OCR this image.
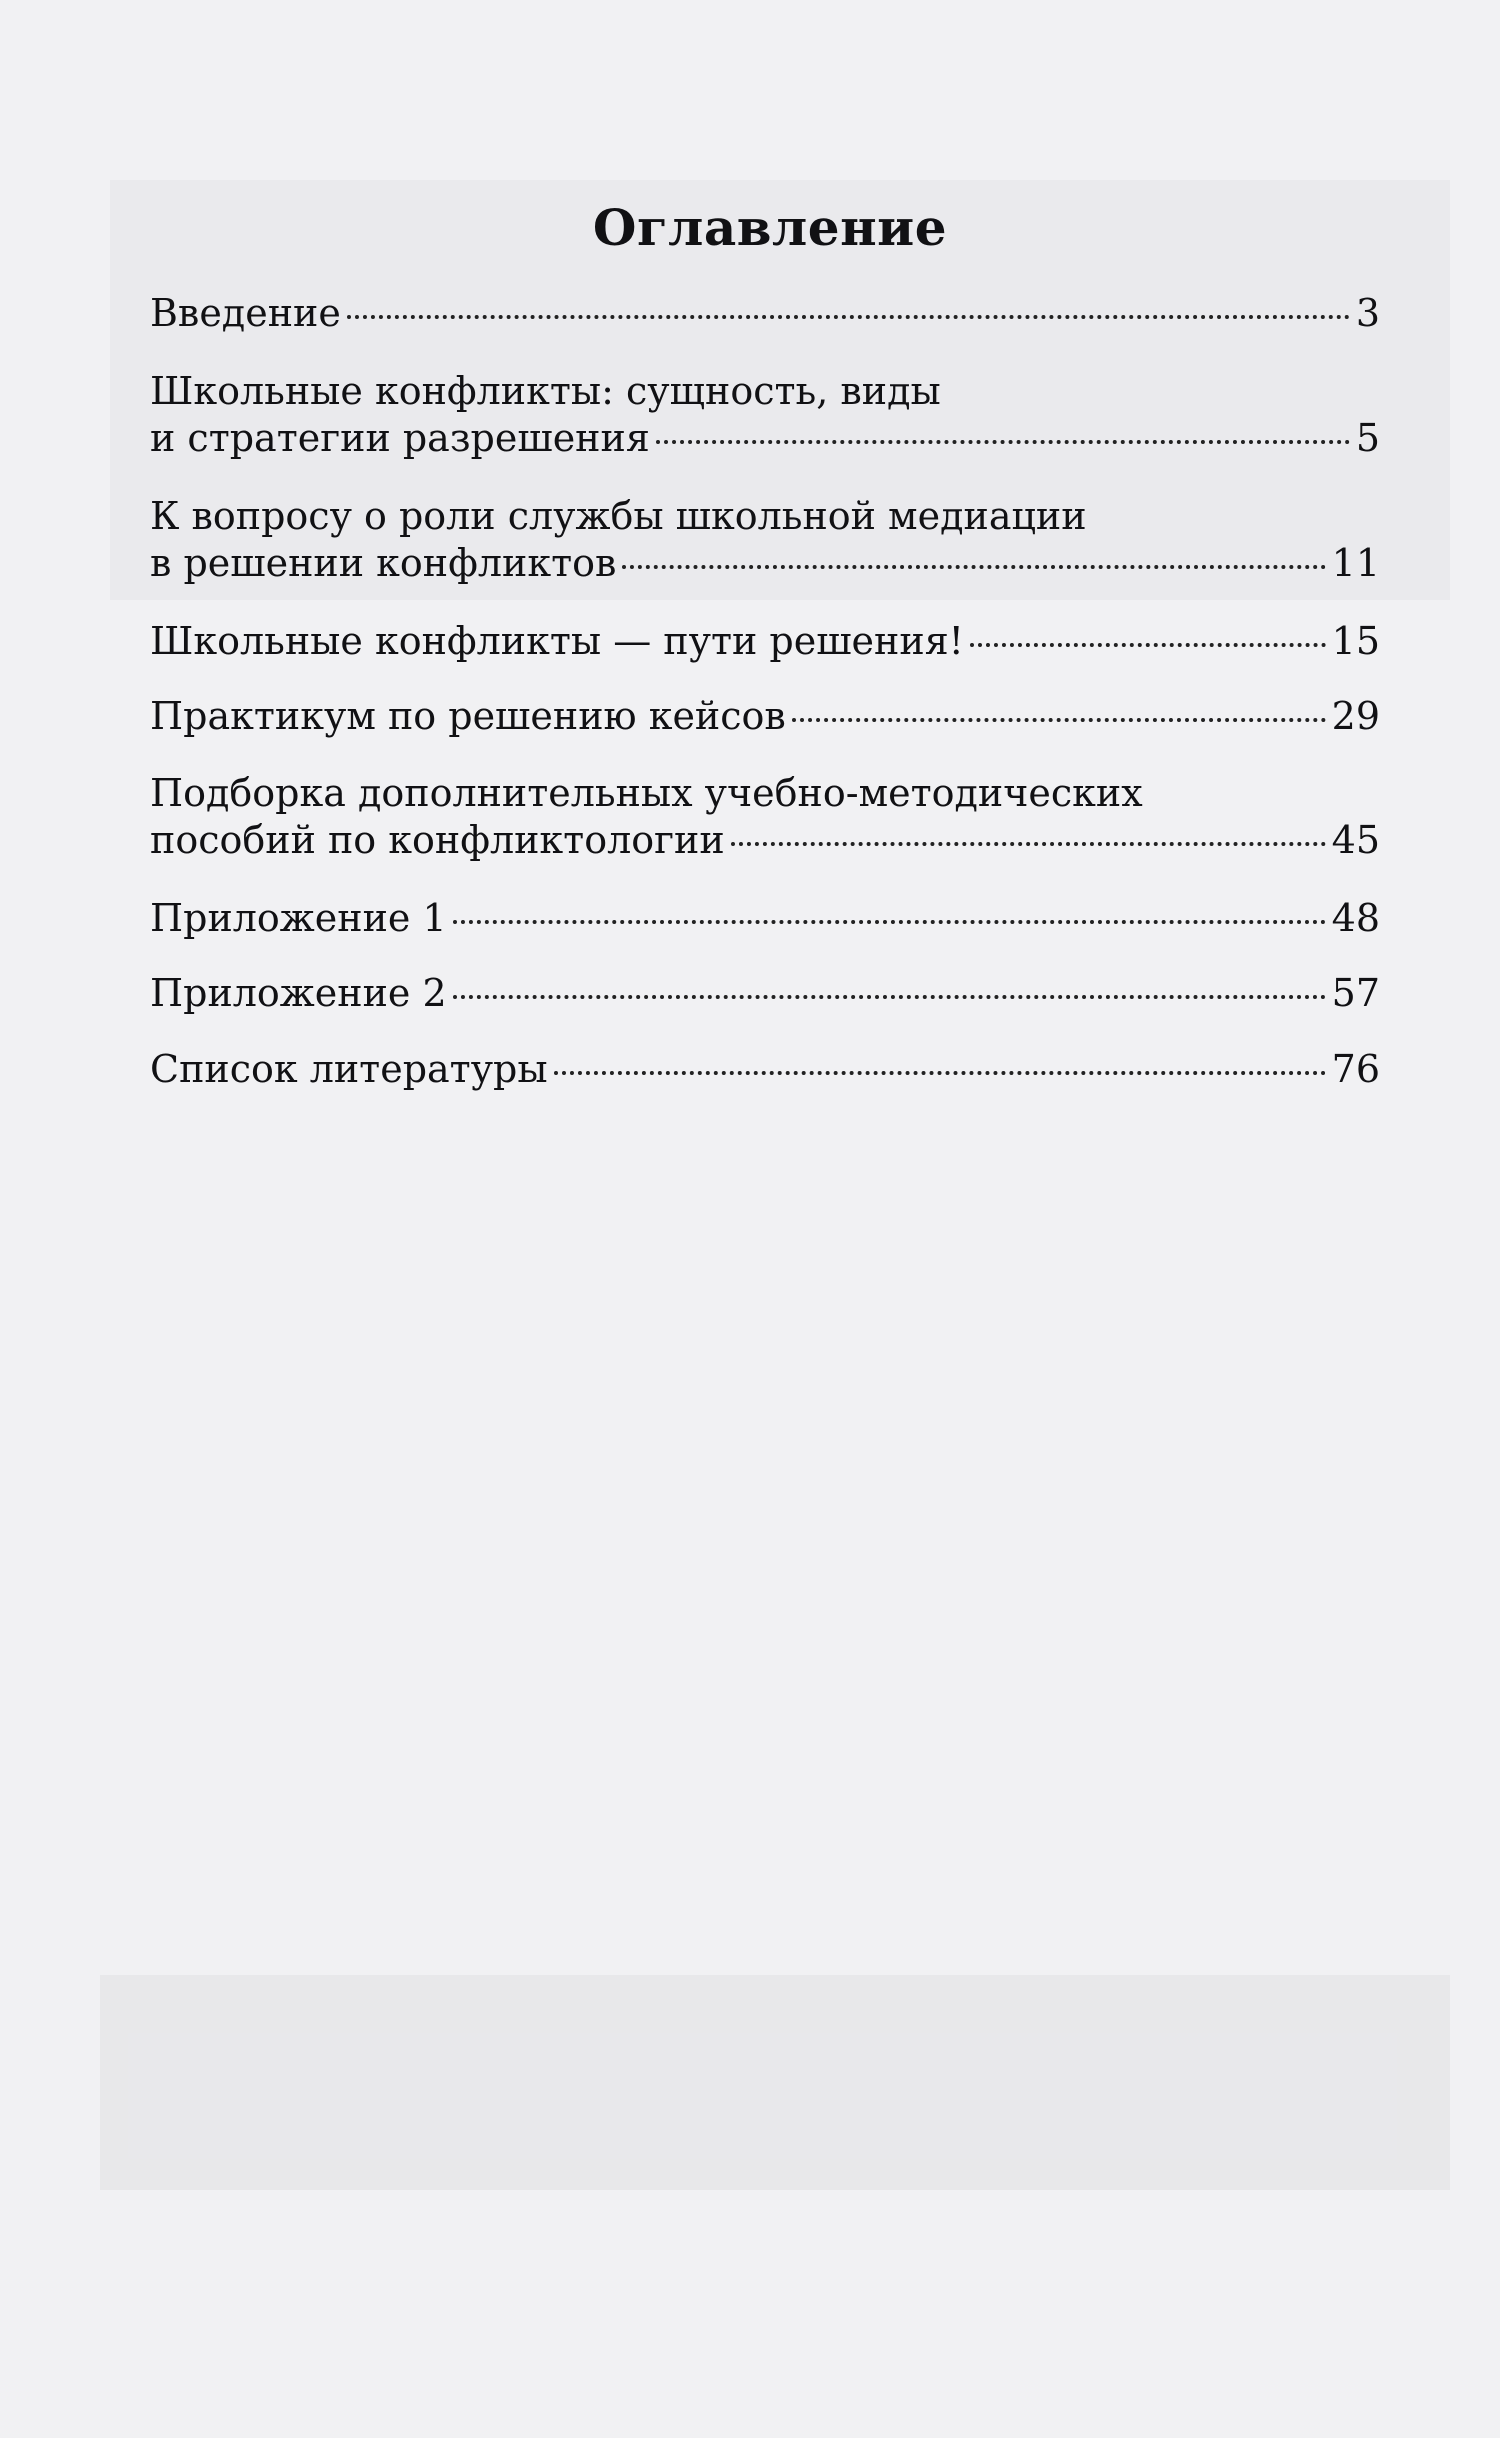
Оглавление
Введение	3
Школьные конфликты: сущность, виды
и стратегии разрешения	5
К вопросу о роли службы школьной медиации
в решении конфликтов	11
Школьные конфликты — пути решения!	15
Практикум по решению кейсов	29
Подборка дополнительных учебно-методических
пособий по конфликтологии	45
Приложение 1	48
Приложение 2	57
Список литературы	76
